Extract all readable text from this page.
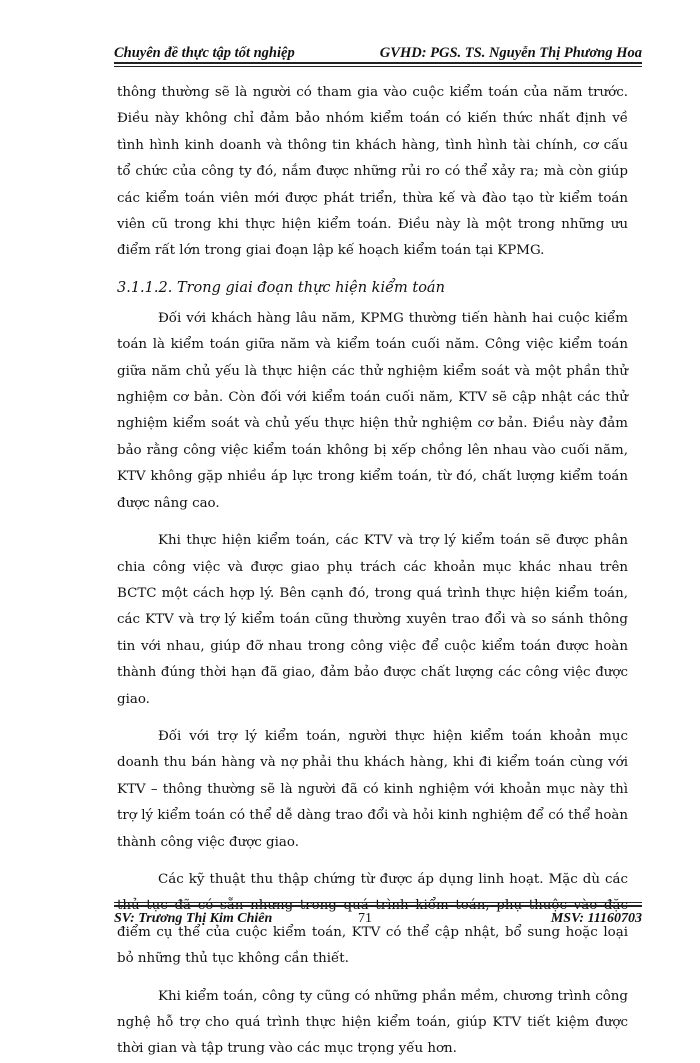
Chuyên đề thực tập tốt nghiệp	GVHD: PGS. TS. Nguyễn Thị Phương Hoa

thông thường sẽ là người có tham gia vào cuộc kiểm toán của năm trước. Điều này không chỉ đảm bảo nhóm kiểm toán có kiến thức nhất định về tình hình kinh doanh và thông tin khách hàng, tình hình tài chính, cơ cấu tổ chức của công ty đó, nắm được những rủi ro có thể xảy ra; mà còn giúp các kiểm toán viên mới được phát triển, thừa kế và đào tạo từ kiểm toán viên cũ trong khi thực hiện kiểm toán. Điều này là một trong những ưu điểm rất lớn trong giai đoạn lập kế hoạch kiểm toán tại KPMG.

3.1.1.2. Trong giai đoạn thực hiện kiểm toán

Đối với khách hàng lâu năm, KPMG thường tiến hành hai cuộc kiểm toán là kiểm toán giữa năm và kiểm toán cuối năm. Công việc kiểm toán giữa năm chủ yếu là thực hiện các thử nghiệm kiểm soát và một phần thử nghiệm cơ bản. Còn đối với kiểm toán cuối năm, KTV sẽ cập nhật các thử nghiệm kiểm soát và chủ yếu thực hiện thử nghiệm cơ bản. Điều này đảm bảo rằng công việc kiểm toán không bị xếp chồng lên nhau vào cuối năm, KTV không gặp nhiều áp lực trong kiểm toán, từ đó, chất lượng kiểm toán được nâng cao.

Khi thực hiện kiểm toán, các KTV và trợ lý kiểm toán sẽ được phân chia công việc và được giao phụ trách các khoản mục khác nhau trên BCTC một cách hợp lý. Bên cạnh đó, trong quá trình thực hiện kiểm toán, các KTV và trợ lý kiểm toán cũng thường xuyên trao đổi và so sánh thông tin với nhau, giúp đỡ nhau trong công việc để cuộc kiểm toán được hoàn thành đúng thời hạn đã giao, đảm bảo được chất lượng các công việc được giao.

Đối với trợ lý kiểm toán, người thực hiện kiểm toán khoản mục doanh thu bán hàng và nợ phải thu khách hàng, khi đi kiểm toán cùng với KTV – thông thường sẽ là người đã có kinh nghiệm với khoản mục này thì trợ lý kiểm toán có thể dễ dàng trao đổi và hỏi kinh nghiệm để có thể hoàn thành công việc được giao.

Các kỹ thuật thu thập chứng từ được áp dụng linh hoạt. Mặc dù các thủ tục đã có sẵn nhưng trong quá trình kiểm toán, phụ thuộc vào đặc điểm cụ thể của cuộc kiểm toán, KTV có thể cập nhật, bổ sung hoặc loại bỏ những thủ tục không cần thiết.

Khi kiểm toán, công ty cũng có những phần mềm, chương trình công nghệ hỗ trợ cho quá trình thực hiện kiểm toán, giúp KTV tiết kiệm được thời gian và tập trung vào các mục trọng yếu hơn.

SV: Trương Thị Kim Chiên	71	MSV: 11160703
